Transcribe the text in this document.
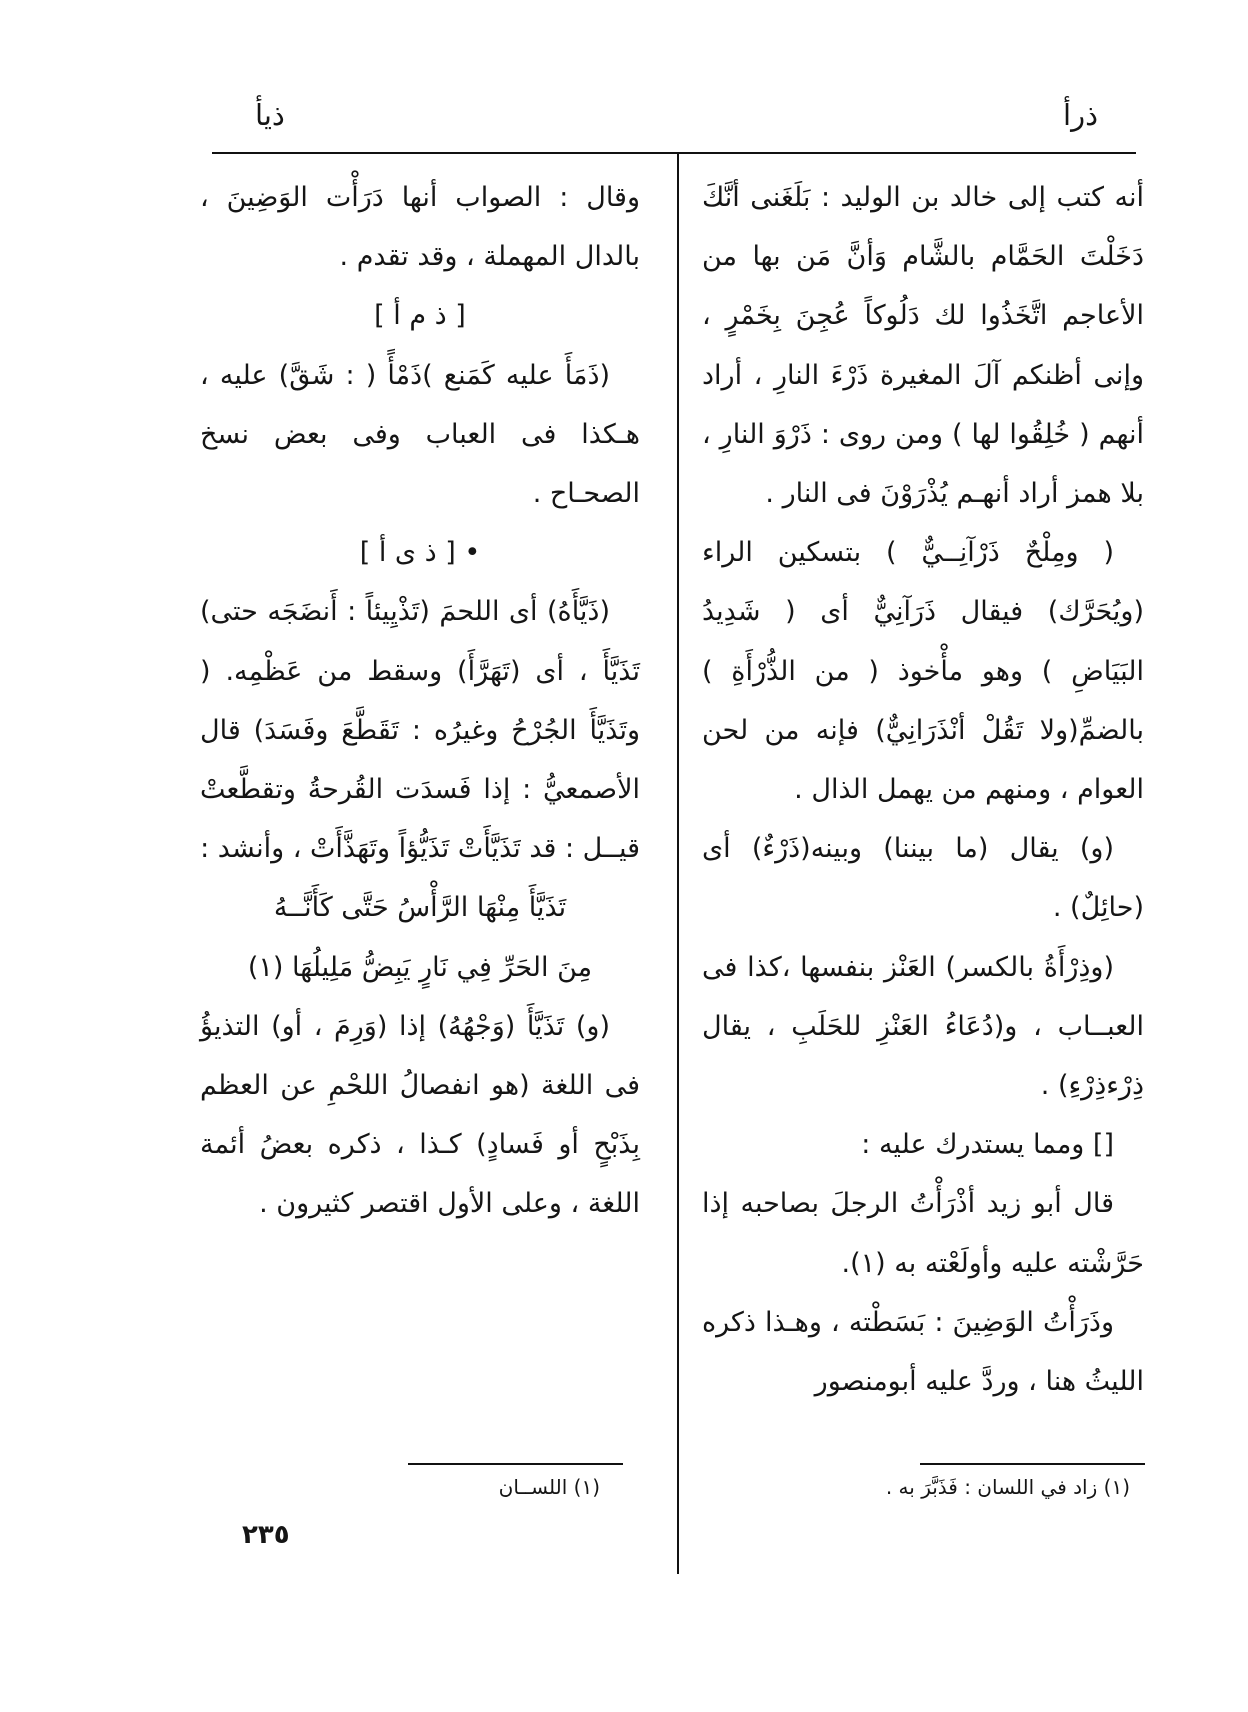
ذرأ
ذيأ

أنه كتب إلى خالد بن الوليد : بَلَغَنى أنَّكَ دَخَلْتَ الحَمَّام بالشَّام وَأنَّ مَن بها من الأعاجم اتَّخَذُوا لك دَلُوكاً عُجِنَ بِخَمْرٍ ، وإنى أظنكم آلَ المغيرة ذَرْءَ النارِ ، أراد أنهم ( خُلِقُوا لها ) ومن روى : ذَرْوَ النارِ ، بلا همز أراد أنهـم يُذْرَوْنَ فى النار .

( ومِلْحٌ ذَرْآنِــيٌّ ) بتسكين الراء (ويُحَرَّك) فيقال ذَرَآنِيٌّ أى ( شَدِيدُ البَيَاضِ ) وهو مأْخوذ ( من الذُّرْأَةِ ) بالضمِّ(ولا تَقُلْ أنْذَرَانِيٌّ) فإنه من لحن العوام ، ومنهم من يهمل الذال .

(و) يقال (ما بيننا) وبينه(ذَرْءٌ) أى (حائِلٌ) .

(وذِرْأَةُ بالكسر) العَنْز بنفسها ،كذا فى العبــاب ، و(دُعَاءُ العَنْزِ للحَلَبِ ، يقال ذِرْءذِرْءِ) .

[] ومما يستدرك عليه :

قال أبو زيد أذْرَأْتُ الرجلَ بصاحبه إذا حَرَّشْته عليه وأولَعْته به (١).

وذَرَأْتُ الوَضِينَ : بَسَطْته ، وهـذا ذكره الليثُ هنا ، وردَّ عليه أبومنصور

وقال : الصواب أنها دَرَأْت الوَضِينَ ، بالدال المهملة ، وقد تقدم .

[ ذ م أ ]

(ذَمَأَ عليه كَمَنع )ذَمْأً ( : شَقَّ) عليه ، هـكذا فى العباب وفى بعض نسخ الصحـاح .

• [ ذ ى أ ]

(ذَيَّأَهُ) أى اللحمَ (تَذْيِيئاً : أَنضَجَه حتى) تَذَيَّأَ ، أى (تَهَرَّأَ) وسقط من عَظْمِه. ( وتَذَيَّأَ الجُرْحُ وغيرُه : تَقَطَّعَ وفَسَدَ) قال الأصمعيُّ : إذا فَسدَت القُرحةُ وتقطَّعتْ قيــل : قد تَذَيَّأَتْ تَذَيُّؤاً وتَهَذَّأَتْ ، وأنشد :

تَذَيَّأَ مِنْهَا الرَّأْسُ حَتَّى كَأَنَّــهُ

مِنَ الحَرِّ فِي نَارٍ يَبِضُّ مَلِيلُهَا (١)

(و) تَذَيَّأَ (وَجْهُهُ) إذا (وَرِمَ ، أو) التذيؤُ فى اللغة (هو انفصالُ اللحْمِ عن العظم بِذَبْحٍ أو فَسادٍ) كـذا ، ذكره بعضُ أئمة اللغة ، وعلى الأول اقتصر كثيرون .

(١) زاد في اللسان : فَذَبَّرَ به .
(١) اللســان
٢٣٥
